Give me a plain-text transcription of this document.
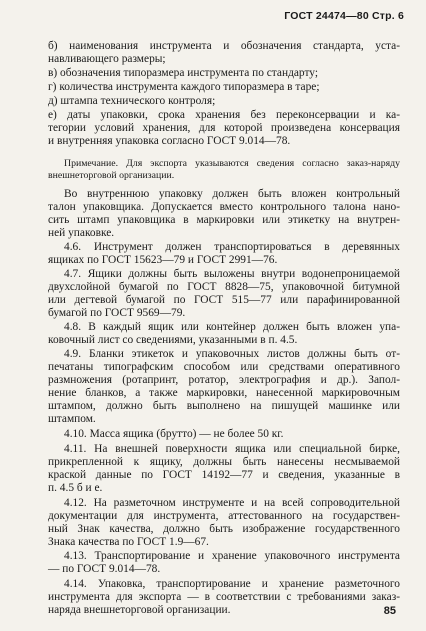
ГОСТ 24474—80 Стр. 6
б) наименования инструмента и обозначения стандарта, уста-
навливающего размеры;
в) обозначения типоразмера инструмента по стандарту;
г) количества инструмента каждого типоразмера в таре;
д) штампа технического контроля;
е) даты упаковки, срока хранения без переконсервации и ка-
тегории условий хранения, для которой произведена консервация
и внутренняя упаковка согласно ГОСТ 9.014—78.
Примечание. Для экспорта указываются сведения согласно заказ-наряду
внешнеторговой организации.
Во внутреннюю упаковку должен быть вложен контрольный
талон упаковщика. Допускается вместо контрольного талона нано-
сить штамп упаковщика в маркировки или этикетку на внутрен-
ней упаковке.
4.6. Инструмент должен транспортироваться в деревянных
ящиках по ГОСТ 15623—79 и ГОСТ 2991—76.
4.7. Ящики должны быть выложены внутри водонепроницаемой
двухслойной бумагой по ГОСТ 8828—75, упаковочной битумной
или дегтевой бумагой по ГОСТ 515—77 или парафинированной
бумагой по ГОСТ 9569—79.
4.8. В каждый ящик или контейнер должен быть вложен упа-
ковочный лист со сведениями, указанными в п. 4.5.
4.9. Бланки этикеток и упаковочных листов должны быть от-
печатаны типографским способом или средствами оперативного
размножения (ротапринт, ротатор, электрография и др.). Запол-
нение бланков, а также маркировки, нанесенной маркировочным
штампом, должно быть выполнено на пишущей машинке или
штампом.
4.10. Масса ящика (брутто) — не более 50 кг.
4.11. На внешней поверхности ящика или специальной бирке,
прикрепленной к ящику, должны быть нанесены несмываемой
краской данные по ГОСТ 14192—77 и сведения, указанные в
п. 4.5 б и е.
4.12. На разметочном инструменте и на всей сопроводительной
документации для инструмента, аттестованного на государствен-
ный Знак качества, должно быть изображение государственного
Знака качества по ГОСТ 1.9—67.
4.13. Транспортирование и хранение упаковочного инструмента
— по ГОСТ 9.014—78.
4.14. Упаковка, транспортирование и хранение разметочного
инструмента для экспорта — в соответствии с требованиями заказ-
наряда внешнеторговой организации.	85
